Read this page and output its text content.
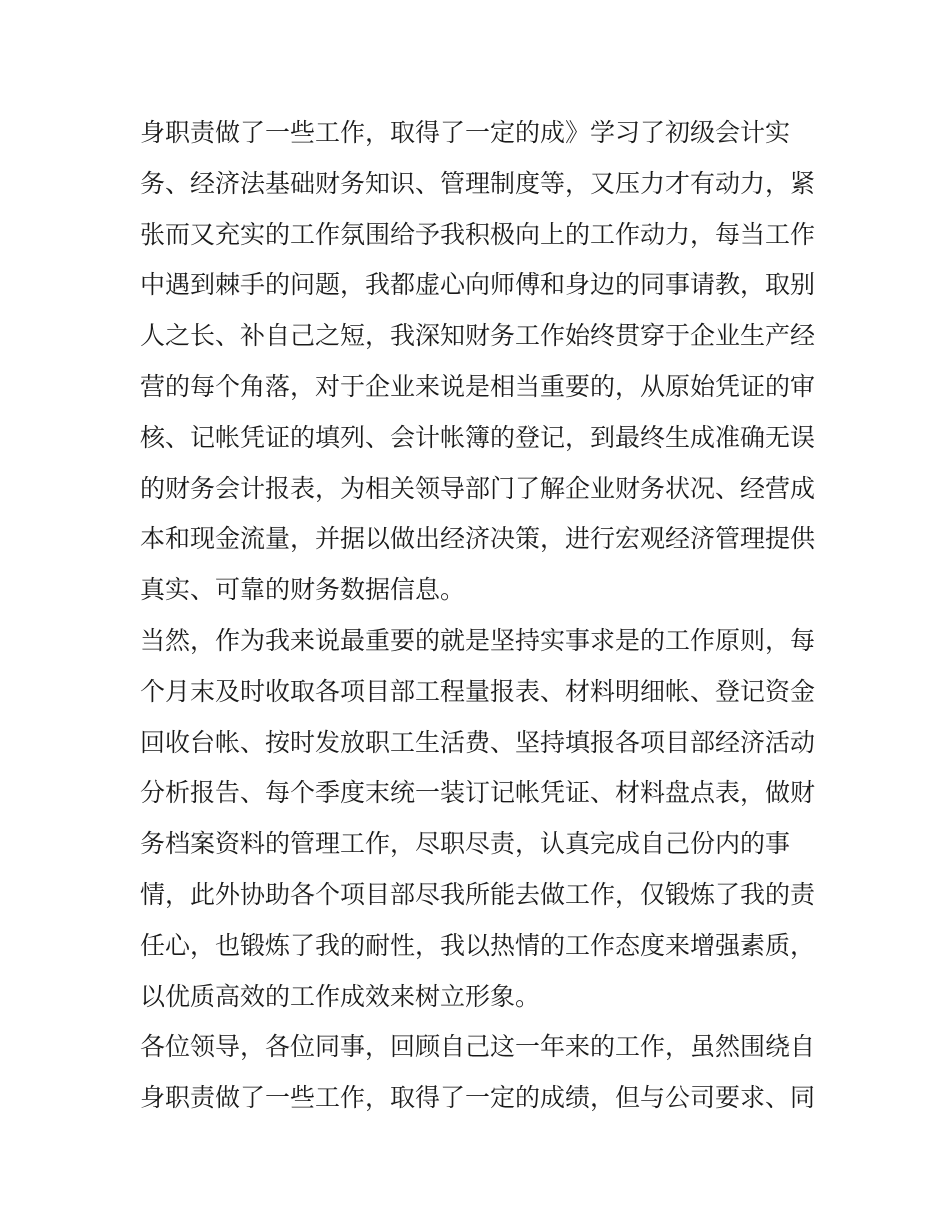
身职责做了一些工作，取得了一定的成》学习了初级会计实

务、经济法基础财务知识、管理制度等，又压力才有动力，紧

张而又充实的工作氛围给予我积极向上的工作动力，每当工作

中遇到棘手的问题，我都虚心向师傅和身边的同事请教，取别

人之长、补自己之短，我深知财务工作始终贯穿于企业生产经

营的每个角落，对于企业来说是相当重要的，从原始凭证的审

核、记帐凭证的填列、会计帐簿的登记，到最终生成准确无误

的财务会计报表，为相关领导部门了解企业财务状况、经营成

本和现金流量，并据以做出经济决策，进行宏观经济管理提供

真实、可靠的财务数据信息。

当然，作为我来说最重要的就是坚持实事求是的工作原则，每

个月末及时收取各项目部工程量报表、材料明细帐、登记资金

回收台帐、按时发放职工生活费、坚持填报各项目部经济活动

分析报告、每个季度末统一装订记帐凭证、材料盘点表，做财

务档案资料的管理工作，尽职尽责，认真完成自己份内的事

情，此外协助各个项目部尽我所能去做工作，仅锻炼了我的责

任心，也锻炼了我的耐性，我以热情的工作态度来增强素质，

以优质高效的工作成效来树立形象。

各位领导，各位同事，回顾自己这一年来的工作，虽然围绕自

身职责做了一些工作，取得了一定的成绩，但与公司要求、同
